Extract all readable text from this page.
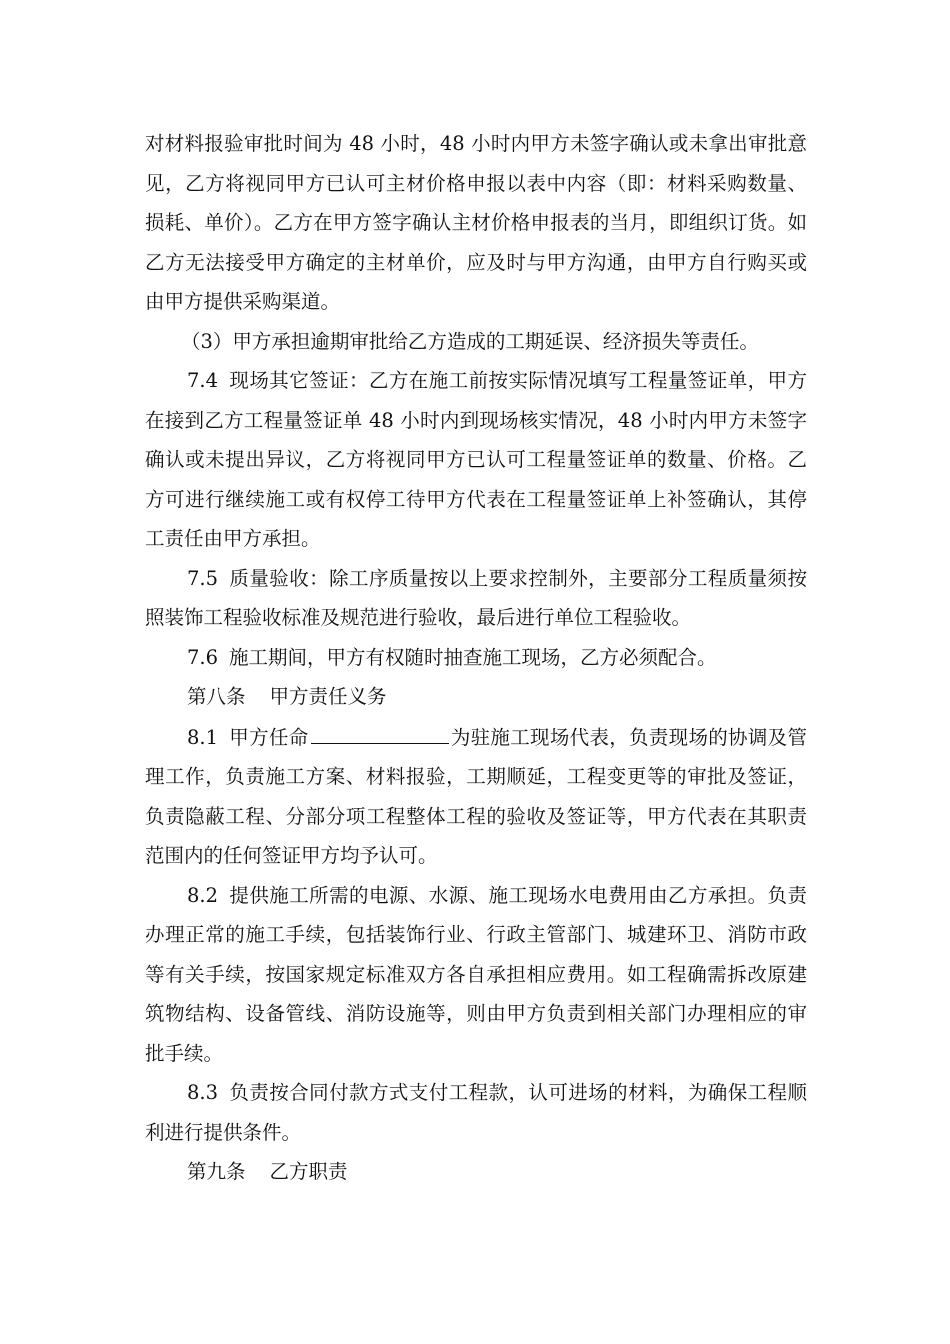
对材料报验审批时间为 48 小时，48 小时内甲方未签字确认或未拿出审批意见，乙方将视同甲方已认可主材价格申报以表中内容（即：材料采购数量、损耗、单价）。乙方在甲方签字确认主材价格申报表的当月，即组织订货。如乙方无法接受甲方确定的主材单价，应及时与甲方沟通，由甲方自行购买或由甲方提供采购渠道。

（3）甲方承担逾期审批给乙方造成的工期延误、经济损失等责任。

7.4 现场其它签证：乙方在施工前按实际情况填写工程量签证单，甲方在接到乙方工程量签证单 48 小时内到现场核实情况，48 小时内甲方未签字确认或未提出异议，乙方将视同甲方已认可工程量签证单的数量、价格。乙方可进行继续施工或有权停工待甲方代表在工程量签证单上补签确认，其停工责任由甲方承担。

7.5 质量验收：除工序质量按以上要求控制外，主要部分工程质量须按照装饰工程验收标准及规范进行验收，最后进行单位工程验收。

7.6 施工期间，甲方有权随时抽查施工现场，乙方必须配合。

第八条 甲方责任义务

8.1 甲方任命	为驻施工现场代表，负责现场的协调及管理工作，负责施工方案、材料报验，工期顺延，工程变更等的审批及签证，负责隐蔽工程、分部分项工程整体工程的验收及签证等，甲方代表在其职责范围内的任何签证甲方均予认可。

8.2 提供施工所需的电源、水源、施工现场水电费用由乙方承担。负责办理正常的施工手续，包括装饰行业、行政主管部门、城建环卫、消防市政等有关手续，按国家规定标准双方各自承担相应费用。如工程确需拆改原建筑物结构、设备管线、消防设施等，则由甲方负责到相关部门办理相应的审批手续。

8.3 负责按合同付款方式支付工程款，认可进场的材料，为确保工程顺利进行提供条件。

第九条 乙方职责
